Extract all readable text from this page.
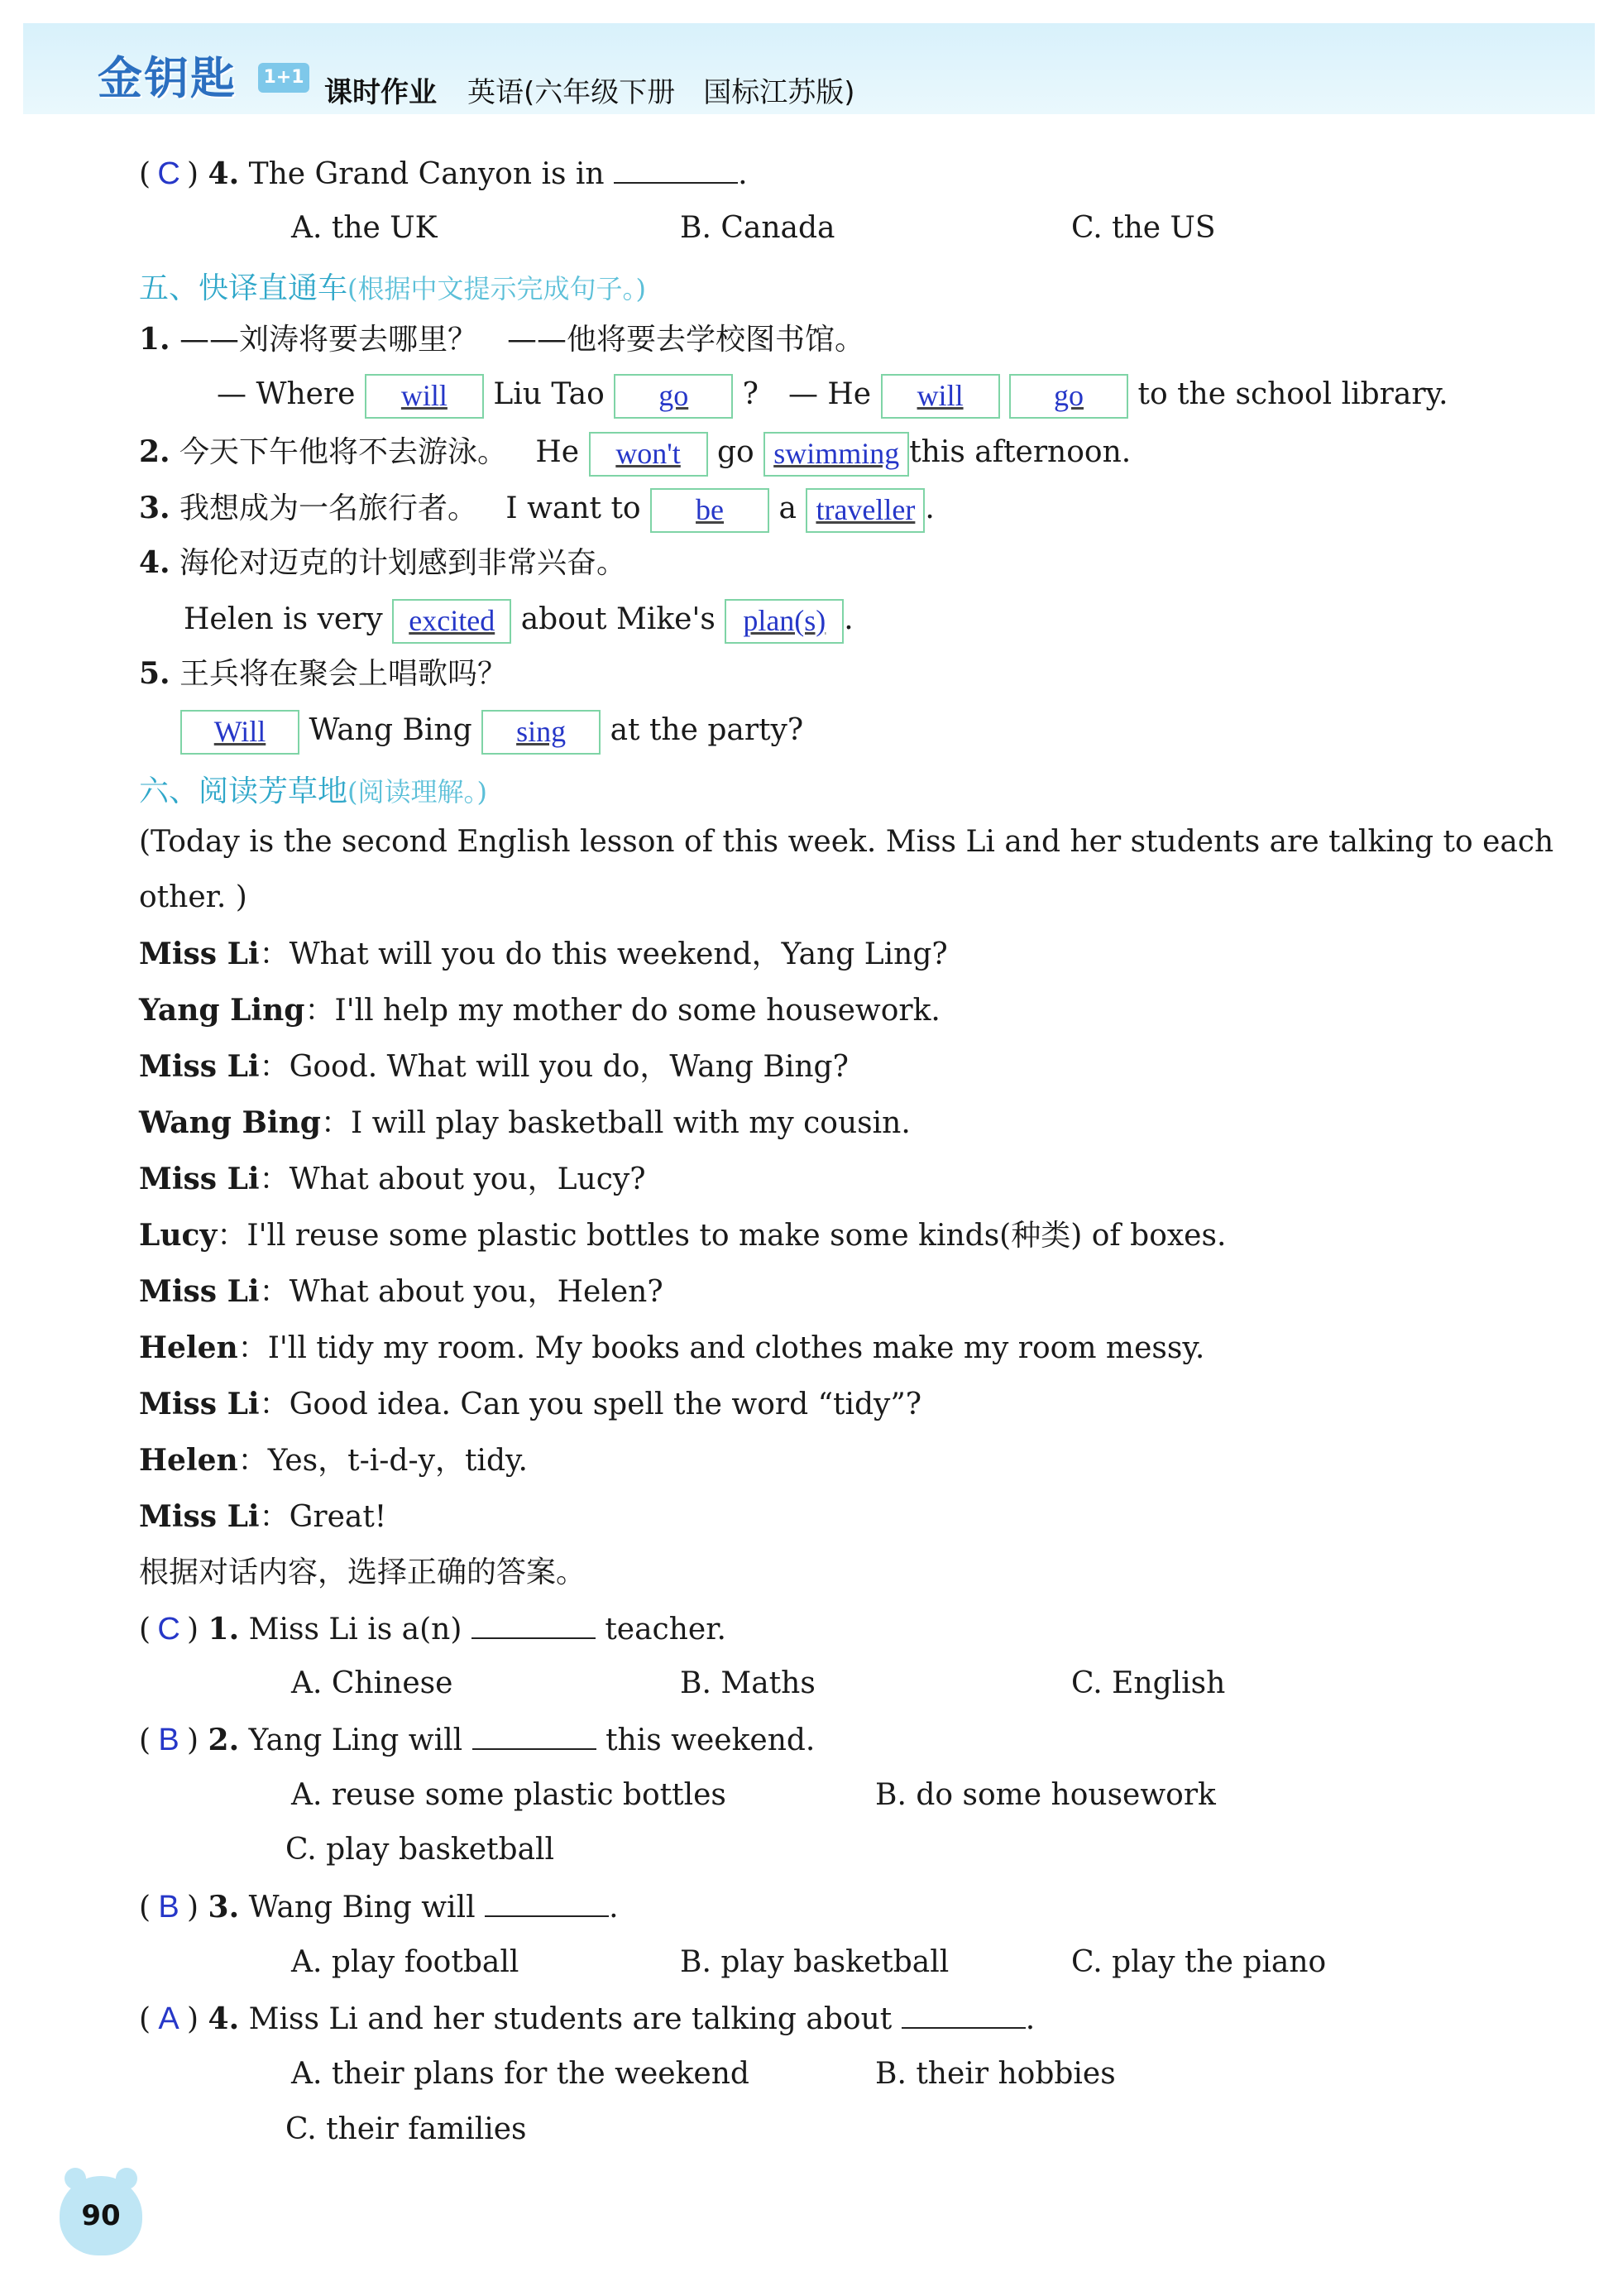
金钥匙 1+1 课时作业 英语(六年级下册　国标江苏版)
( C ) 4. The Grand Canyon is in	.
A. the UK	B. Canada	C. the US
五、快译直通车(根据中文提示完成句子。)
1. ——刘涛将要去哪里？　——他将要去学校图书馆。
— Where will Liu Tao go ?　— He will	go to the school library.
2. 今天下午他将不去游泳。 He won't go swimming this afternoon.
3. 我想成为一名旅行者。 I want to be a traveller .
4. 海伦对迈克的计划感到非常兴奋。
Helen is very excited about Mike's plan(s) .
5. 王兵将在聚会上唱歌吗？
Will Wang Bing sing at the party?
六、阅读芳草地(阅读理解。)
(Today is the second English lesson of this week. Miss Li and her students are talking to each
other. )
Miss Li：What will you do this weekend，Yang Ling?
Yang Ling：I'll help my mother do some housework.
Miss Li：Good. What will you do，Wang Bing?
Wang Bing：I will play basketball with my cousin.
Miss Li：What about you，Lucy?
Lucy：I'll reuse some plastic bottles to make some kinds(种类) of boxes.
Miss Li：What about you，Helen?
Helen：I'll tidy my room. My books and clothes make my room messy.
Miss Li：Good idea. Can you spell the word “tidy”?
Helen：Yes，t-i-d-y，tidy.
Miss Li：Great!
根据对话内容，选择正确的答案。
( C ) 1. Miss Li is a(n)	teacher.
A. Chinese	B. Maths	C. English
( B ) 2. Yang Ling will	this weekend.
A. reuse some plastic bottles	B. do some housework
C. play basketball
( B ) 3. Wang Bing will	.
A. play football	B. play basketball	C. play the piano
( A ) 4. Miss Li and her students are talking about	.
A. their plans for the weekend	B. their hobbies
C. their families
90
